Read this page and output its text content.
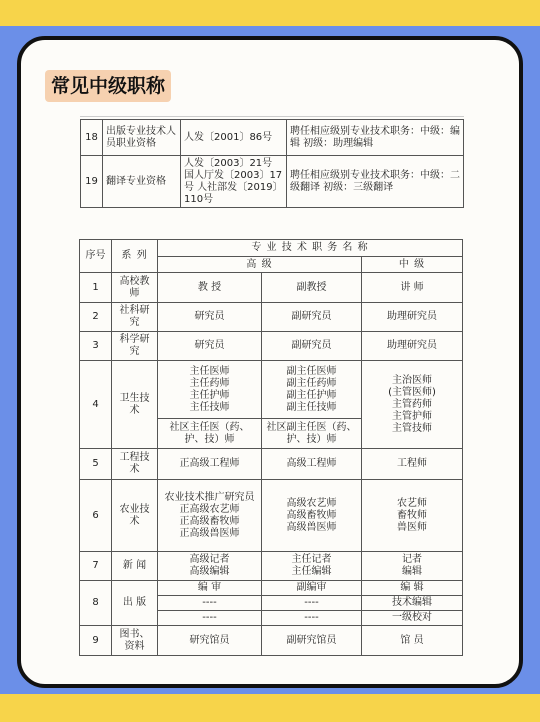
常见中级职称
18	出版专业技术人员职业资格	人发〔2001〕86号	聘任相应级别专业技术职务：中级：编辑 初级：助理编辑
19	翻译专业资格	人发〔2003〕21号 国人厅发〔2003〕17号 人社部发〔2019〕110号	聘任相应级别专业技术职务：中级：二级翻译 初级：三级翻译
序号	系 列	专 业 技 术 职 务 名 称		
		高 级		中 级
1	高校教师	教 授	副教授	讲 师
2	社科研究	研究员	副研究员	助理研究员
3	科学研究	研究员	副研究员	助理研究员
4	卫生技术	主任医师
主任药师
主任护师
主任技师	副主任医师
副主任药师
副主任护师
副主任技师	主治医师
(主管医师)
主管药师
主管护师
主管技师
		社区主任医（药、护、技）师	社区副主任医（药、护、技）师	
5	工程技术	正高级工程师	高级工程师	工程师
6	农业技术	农业技术推广研究员
正高级农艺师
正高级畜牧师
正高级兽医师	高级农艺师
高级畜牧师
高级兽医师	农艺师
畜牧师
兽医师
7	新 闻	高级记者
高级编辑	主任记者
主任编辑	记者
编辑
8	出 版	编 审	副编审	编 辑
		----	----	技术编辑
		----	----	一级校对
9	图书、资料	研究馆员	副研究馆员	馆 员
